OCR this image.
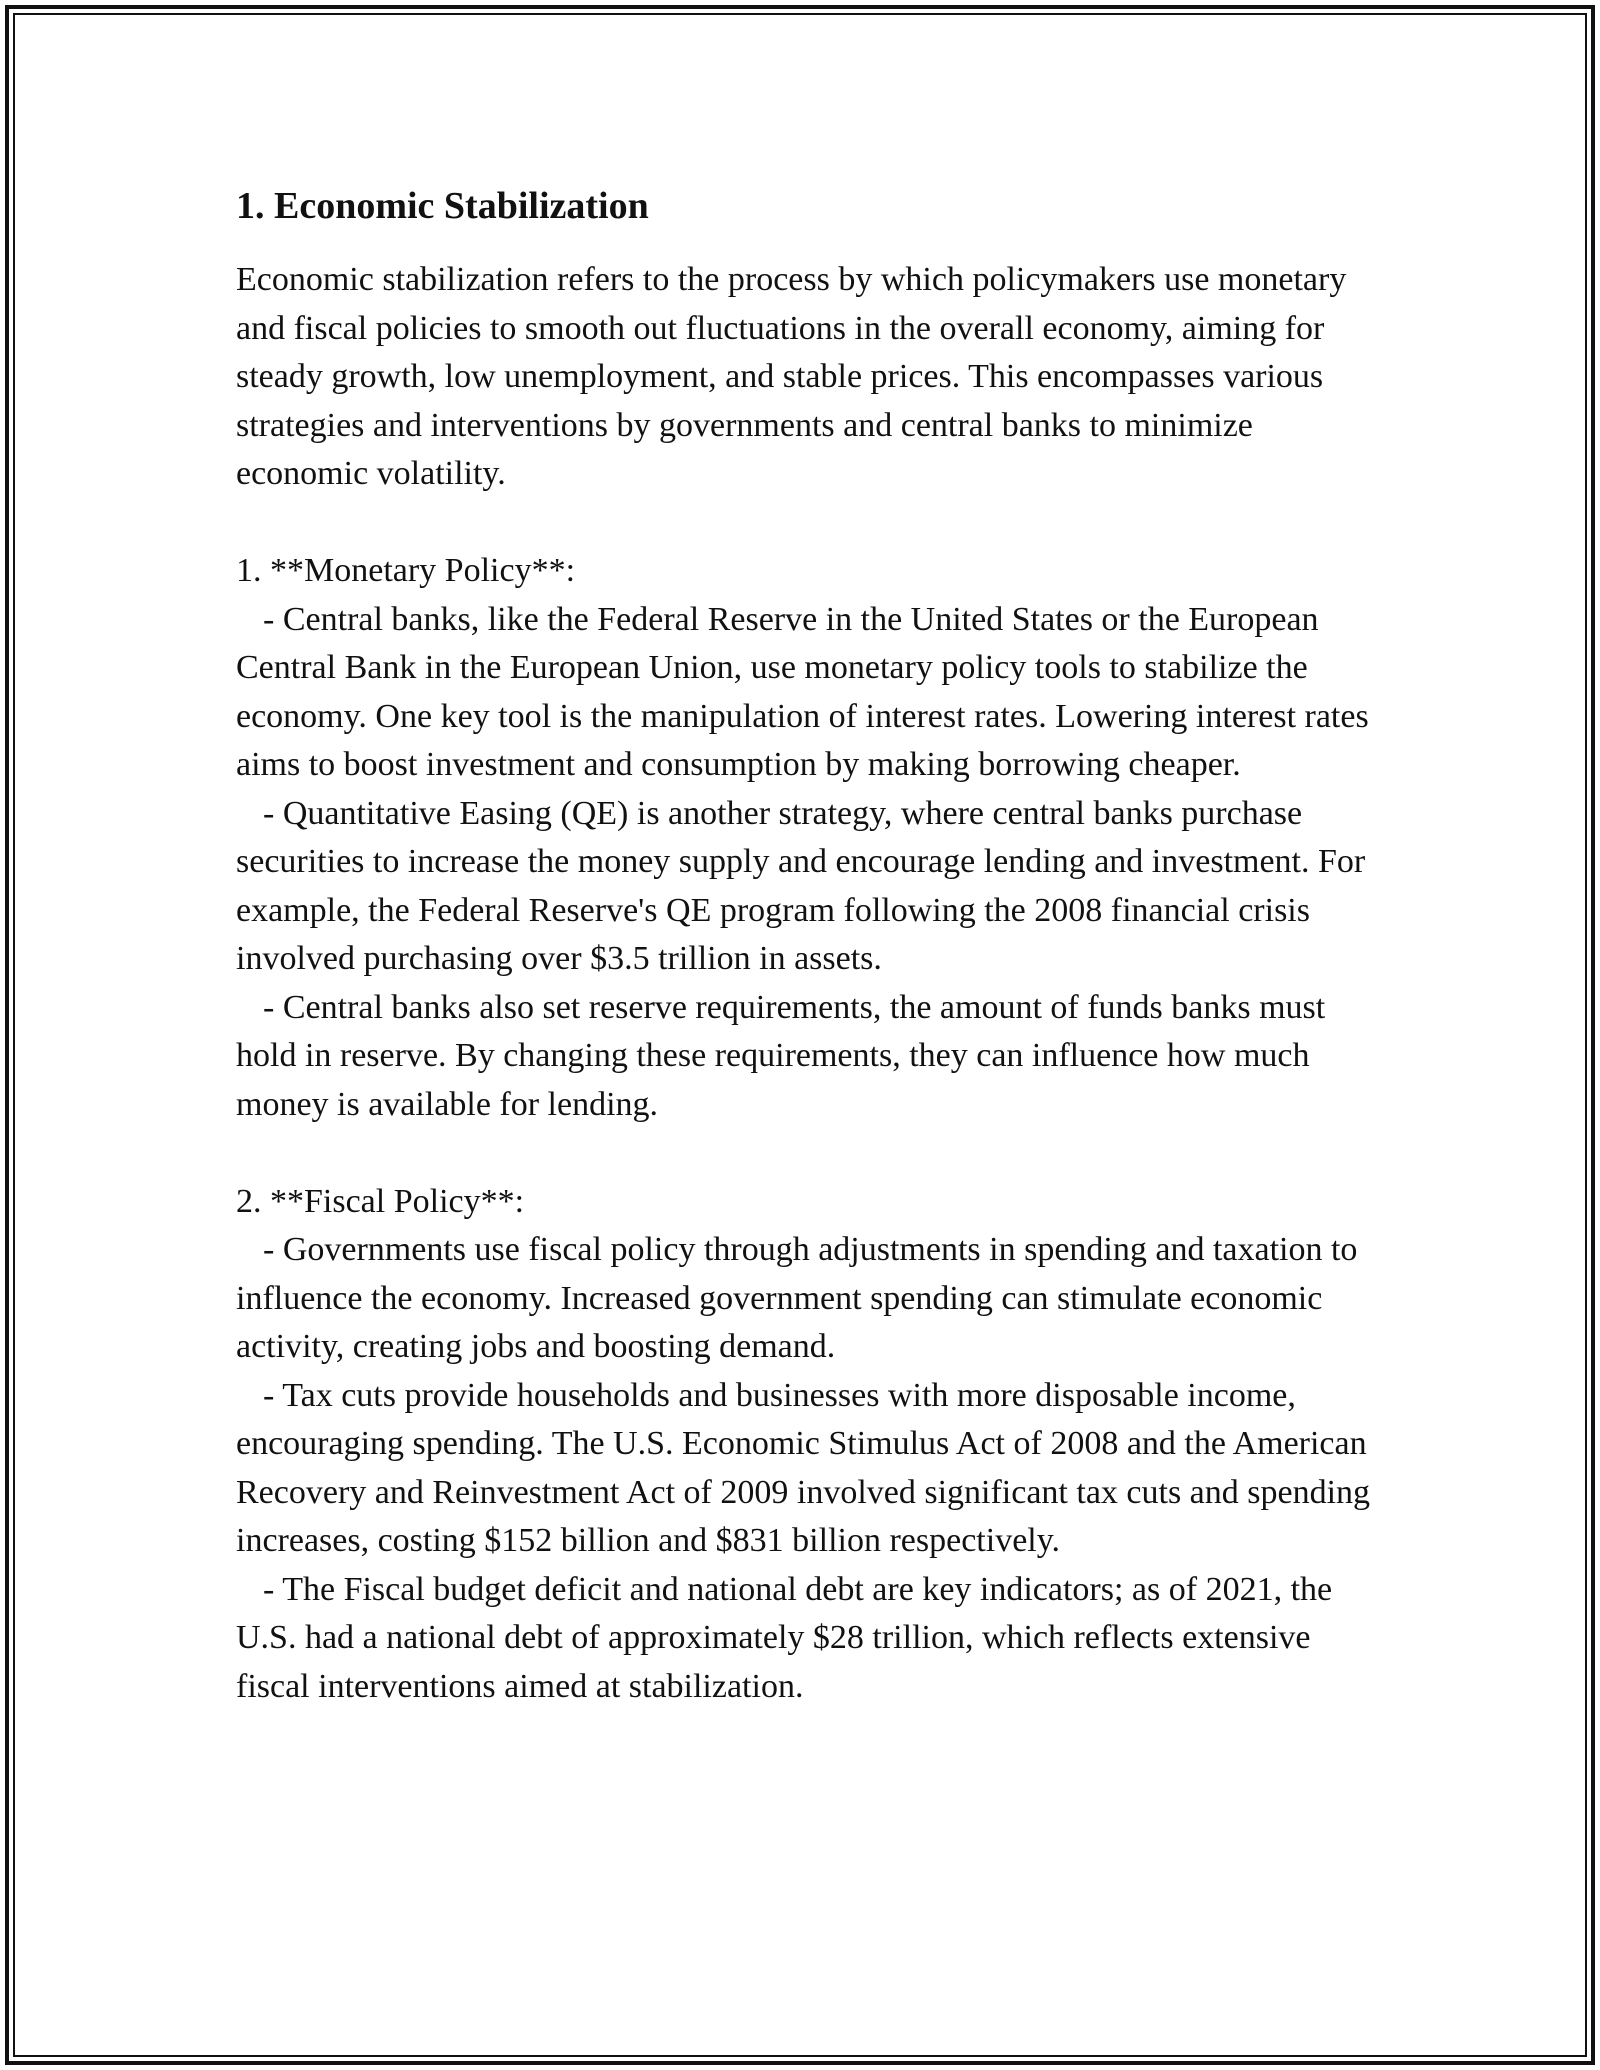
1. Economic Stabilization

Economic stabilization refers to the process by which policymakers use monetary and fiscal policies to smooth out fluctuations in the overall economy, aiming for steady growth, low unemployment, and stable prices. This encompasses various strategies and interventions by governments and central banks to minimize economic volatility.

1. **Monetary Policy**:

- Central banks, like the Federal Reserve in the United States or the European Central Bank in the European Union, use monetary policy tools to stabilize the economy. One key tool is the manipulation of interest rates. Lowering interest rates aims to boost investment and consumption by making borrowing cheaper.

- Quantitative Easing (QE) is another strategy, where central banks purchase securities to increase the money supply and encourage lending and investment. For example, the Federal Reserve's QE program following the 2008 financial crisis involved purchasing over $3.5 trillion in assets.

- Central banks also set reserve requirements, the amount of funds banks must hold in reserve. By changing these requirements, they can influence how much money is available for lending.

2. **Fiscal Policy**:

- Governments use fiscal policy through adjustments in spending and taxation to influence the economy. Increased government spending can stimulate economic activity, creating jobs and boosting demand.

- Tax cuts provide households and businesses with more disposable income, encouraging spending. The U.S. Economic Stimulus Act of 2008 and the American Recovery and Reinvestment Act of 2009 involved significant tax cuts and spending increases, costing $152 billion and $831 billion respectively.

- The Fiscal budget deficit and national debt are key indicators; as of 2021, the U.S. had a national debt of approximately $28 trillion, which reflects extensive fiscal interventions aimed at stabilization.
